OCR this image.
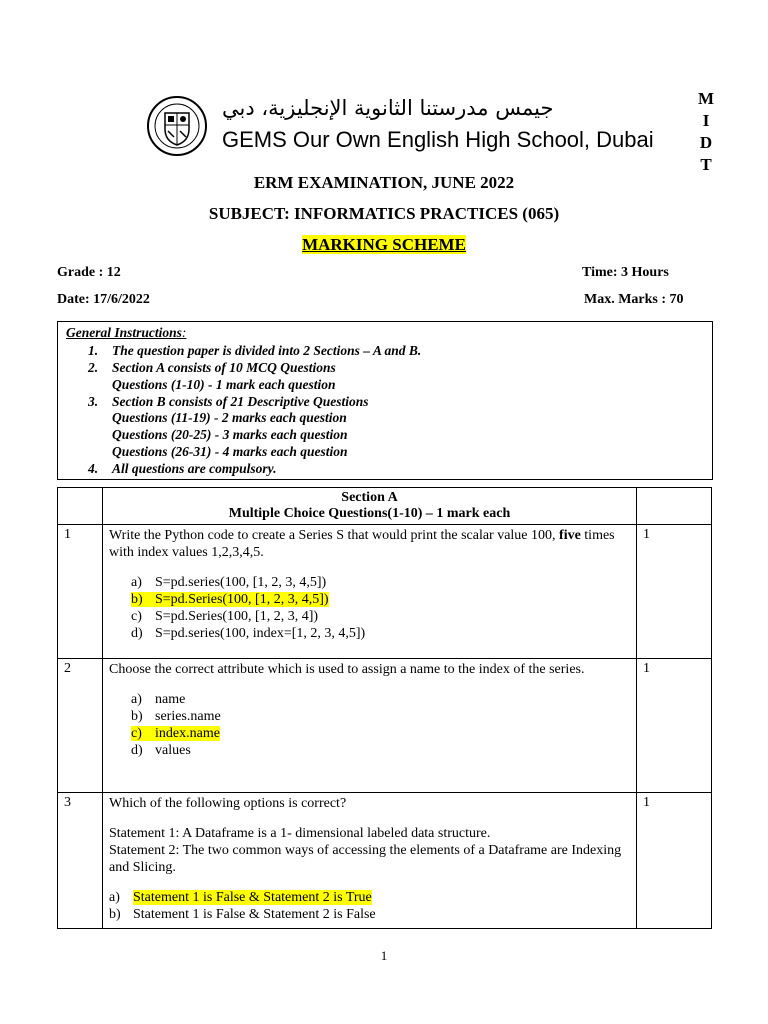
جيمس مدرستنا الثانوية الإنجليزية، دبي
GEMS Our Own English High School, Dubai
M
I
D
T
ERM EXAMINATION, JUNE 2022
SUBJECT: INFORMATICS PRACTICES (065)
MARKING SCHEME
Grade : 12	Time: 3 Hours
Date: 17/6/2022	Max. Marks : 70
General Instructions:
1. The question paper is divided into 2 Sections – A and B.
2. Section A consists of 10 MCQ Questions
Questions (1-10) - 1 mark each question
3. Section B consists of 21 Descriptive Questions
Questions (11-19) - 2 marks each question
Questions (20-25) - 3 marks each question
Questions (26-31) - 4 marks each question
4. All questions are compulsory.

	Section A
Multiple Choice Questions(1-10) – 1 mark each	

1	Write the Python code to create a Series S that would print the scalar value 100, five times with index values 1,2,3,4,5.
a) S=pd.series(100, [1, 2, 3, 4,5])
b) S=pd.Series(100, [1, 2, 3, 4,5])
c) S=pd.Series(100, [1, 2, 3, 4])
d) S=pd.series(100, index=[1, 2, 3, 4,5])	1
2	Choose the correct attribute which is used to assign a name to the index of the series.
a) name
b) series.name
c) index.name
d) values	1
3	Which of the following options is correct?
Statement 1: A Dataframe is a 1- dimensional labeled data structure.
Statement 2: The two common ways of accessing the elements of a Dataframe are Indexing and Slicing.
a) Statement 1 is False & Statement 2 is True
b) Statement 1 is False & Statement 2 is False	1
1
